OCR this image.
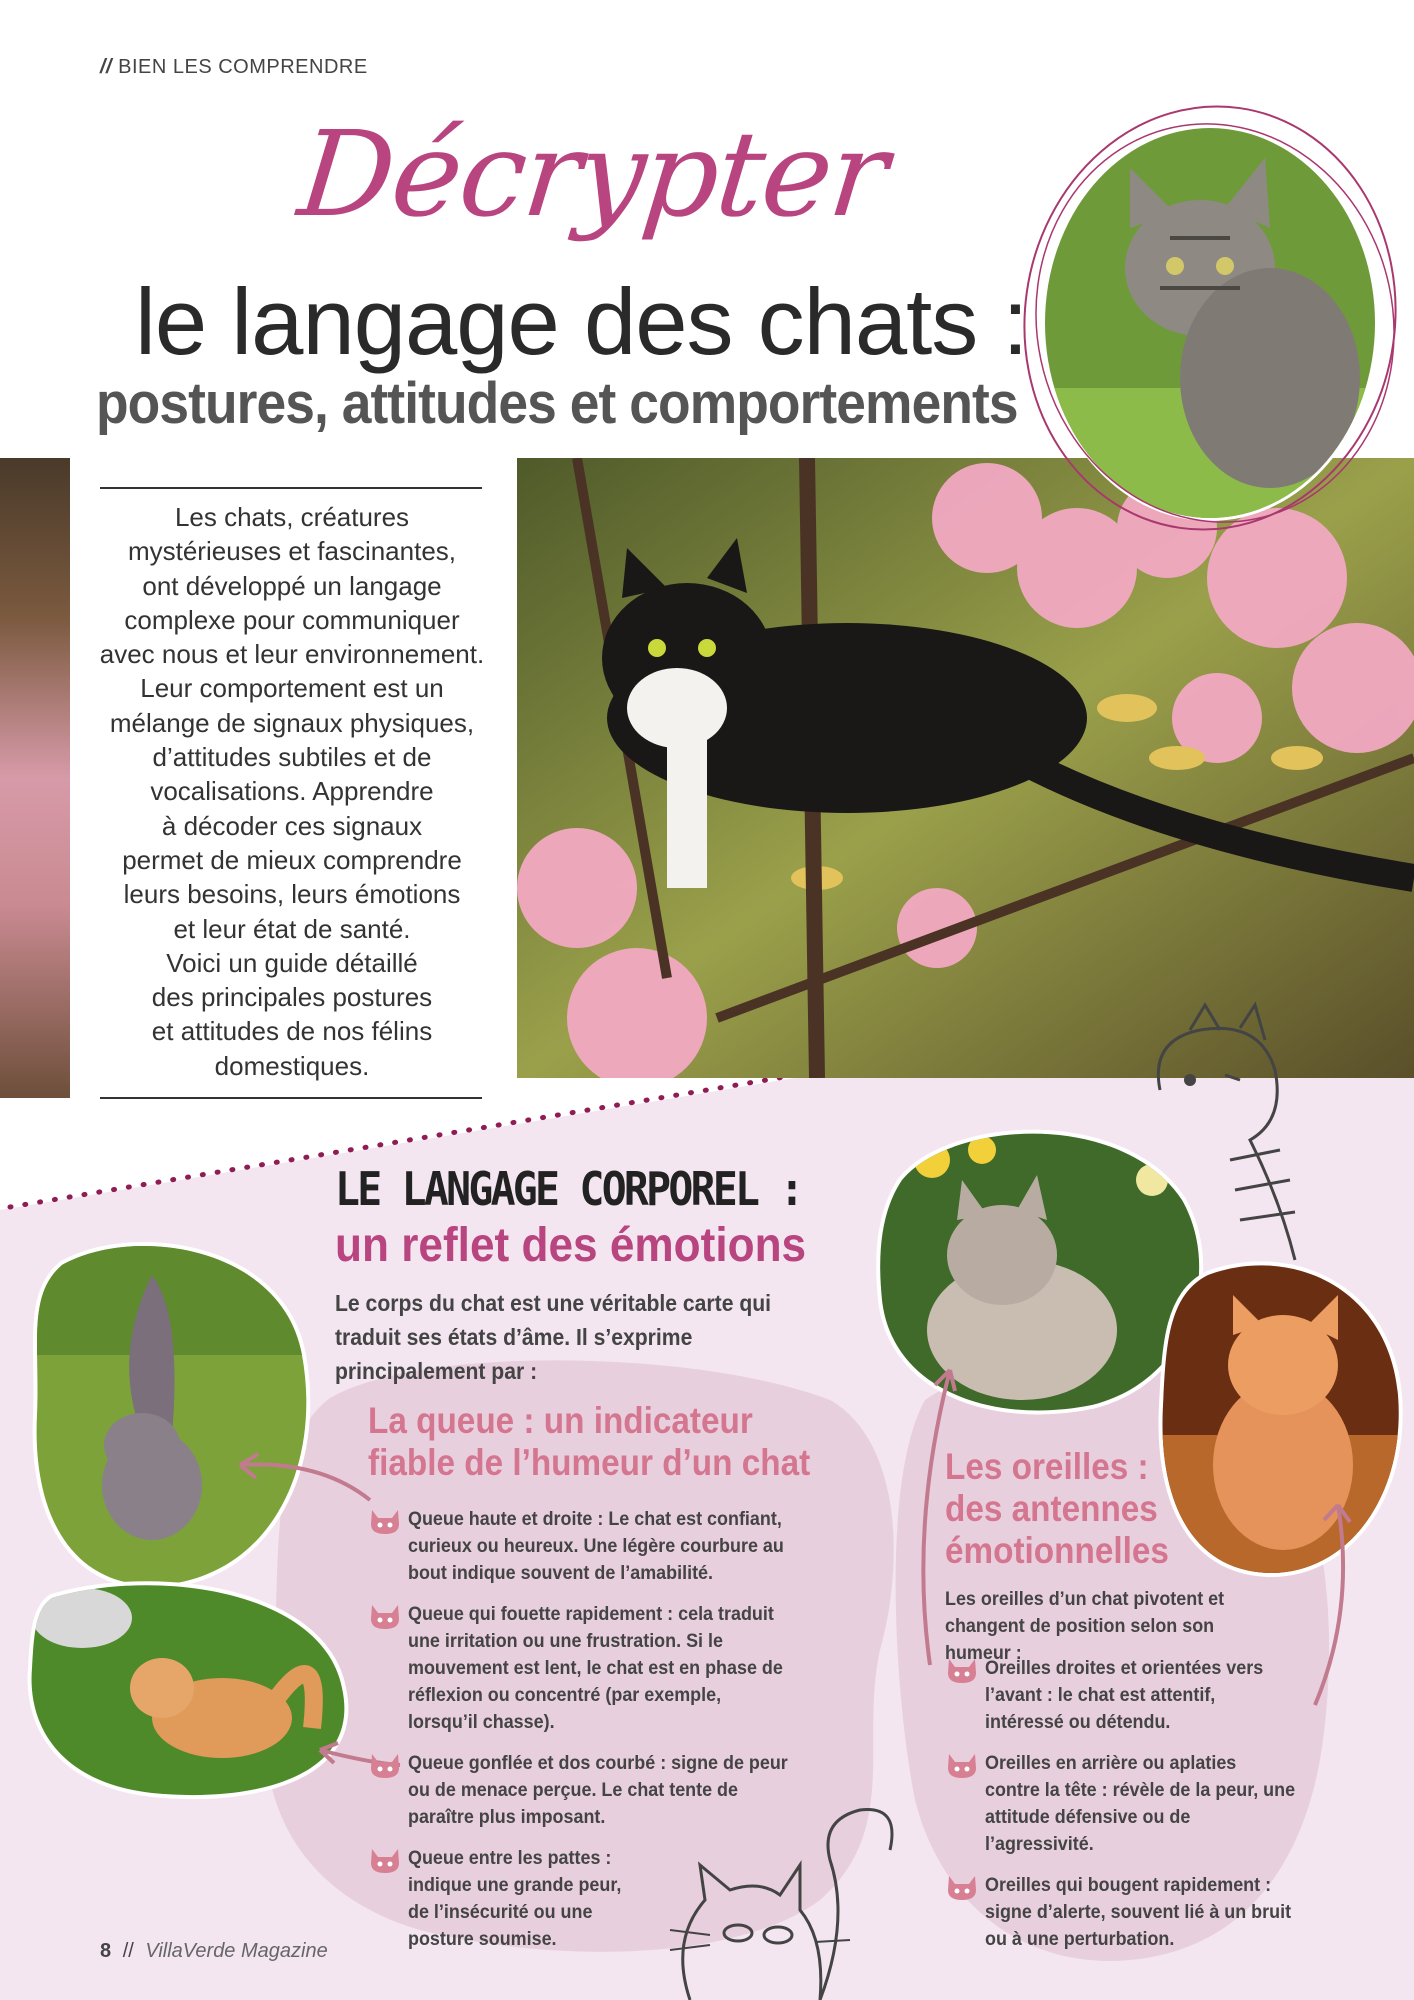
// BIEN LES COMPRENDRE
Décrypter
le langage des chats :
postures, attitudes et comportements
Les chats, créatures
mystérieuses et fascinantes,
ont développé un langage
complexe pour communiquer
avec nous et leur environnement.
Leur comportement est un
mélange de signaux physiques,
d’attitudes subtiles et de
vocalisations. Apprendre
à décoder ces signaux
permet de mieux comprendre
leurs besoins, leurs émotions
et leur état de santé.
Voici un guide détaillé
des principales postures
et attitudes de nos félins
domestiques.
LE LANGAGE CORPOREL :
un reflet des émotions
Le corps du chat est une véritable carte qui traduit ses états d’âme. Il s’exprime principalement par :
La queue : un indicateur
fiable de l’humeur d’un chat
Queue haute et droite : Le chat est confiant, curieux ou heureux. Une légère courbure au bout indique souvent de l’amabilité.
Queue qui fouette rapidement : cela traduit une irritation ou une frustration. Si le mouvement est lent, le chat est en phase de réflexion ou concentré (par exemple, lorsqu’il chasse).
Queue gonflée et dos courbé : signe de peur ou de menace perçue. Le chat tente de paraître plus imposant.
Queue entre les pattes : indique une grande peur, de l’insécurité ou une posture soumise.
Les oreilles :
des antennes
émotionnelles
Les oreilles d’un chat pivotent et changent de position selon son humeur :
Oreilles droites et orientées vers l’avant : le chat est attentif, intéressé ou détendu.
Oreilles en arrière ou aplaties contre la tête : révèle de la peur, une attitude défensive ou de l’agressivité.
Oreilles qui bougent rapidement : signe d’alerte, souvent lié à un bruit ou à une perturbation.
8 // VillaVerde Magazine
